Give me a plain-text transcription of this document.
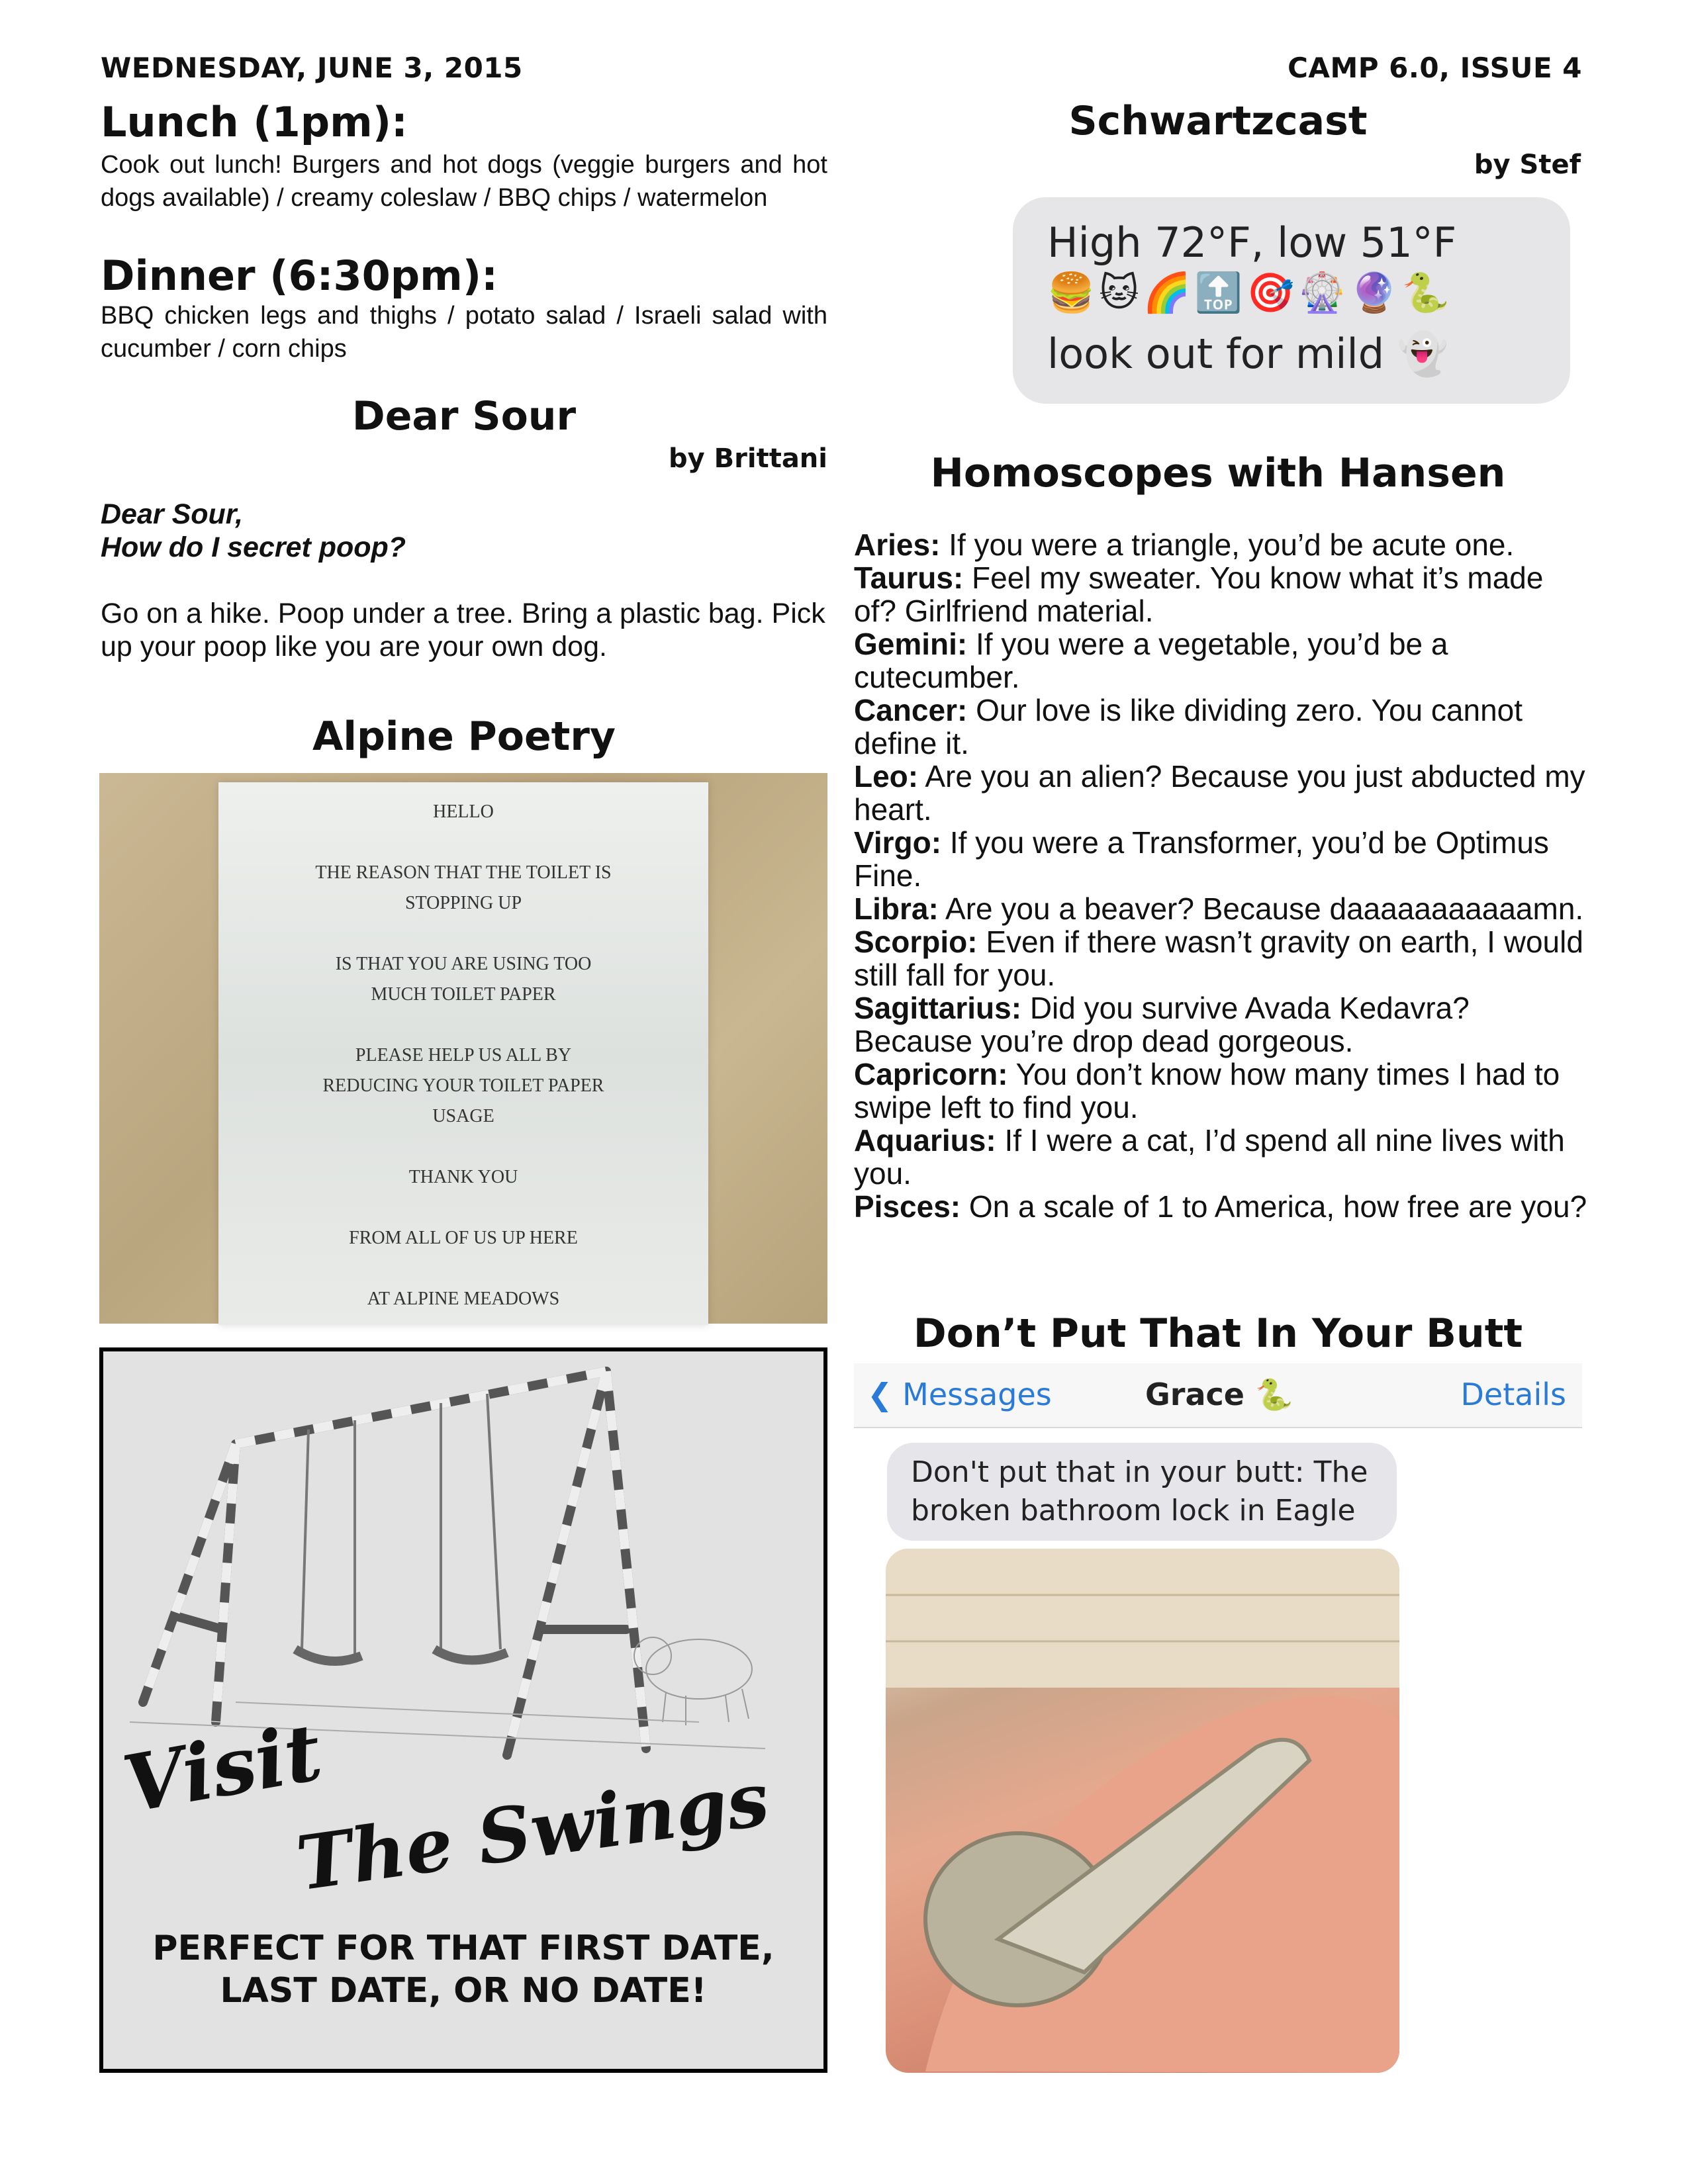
WEDNESDAY, JUNE 3, 2015	CAMP 6.0, ISSUE 4
Lunch (1pm):
Cook out lunch! Burgers and hot dogs (veggie burgers and hot dogs available) / creamy coleslaw / BBQ chips / watermelon
Dinner (6:30pm):
BBQ chicken legs and thighs / potato salad / Israeli salad with cucumber / corn chips
Dear Sour
by Brittani
Dear Sour,
How do I secret poop?
Go on a hike. Poop under a tree. Bring a plastic bag. Pick up your poop like you are your own dog.
Alpine Poetry
HELLO

THE REASON THAT THE TOILET IS
STOPPING UP

IS THAT YOU ARE USING TOO
MUCH TOILET PAPER

PLEASE HELP US ALL BY
REDUCING YOUR TOILET PAPER
USAGE

THANK YOU

FROM ALL OF US UP HERE

AT ALPINE MEADOWS
Visit
The Swings
PERFECT FOR THAT FIRST DATE,
LAST DATE, OR NO DATE!
Schwartzcast
by Stef
High 72°F, low 51°F
🍔🐱🌈🔝🎯🎡🔮🐍
look out for mild 👻
Homoscopes with Hansen
Aries: If you were a triangle, you’d be acute one.
Taurus: Feel my sweater. You know what it’s made of? Girlfriend material.
Gemini: If you were a vegetable, you’d be a cutecumber.
Cancer: Our love is like dividing zero. You cannot define it.
Leo: Are you an alien? Because you just abducted my heart.
Virgo: If you were a Transformer, you’d be Optimus Fine.
Libra: Are you a beaver? Because daaaaaaaaaaamn.
Scorpio: Even if there wasn’t gravity on earth, I would still fall for you.
Sagittarius: Did you survive Avada Kedavra? Because you’re drop dead gorgeous.
Capricorn: You don’t know how many times I had to swipe left to find you.
Aquarius: If I were a cat, I’d spend all nine lives with you.
Pisces: On a scale of 1 to America, how free are you?
Don’t Put That In Your Butt
❮ Messages	Grace 🐍	Details
Don't put that in your butt: The broken bathroom lock in Eagle
